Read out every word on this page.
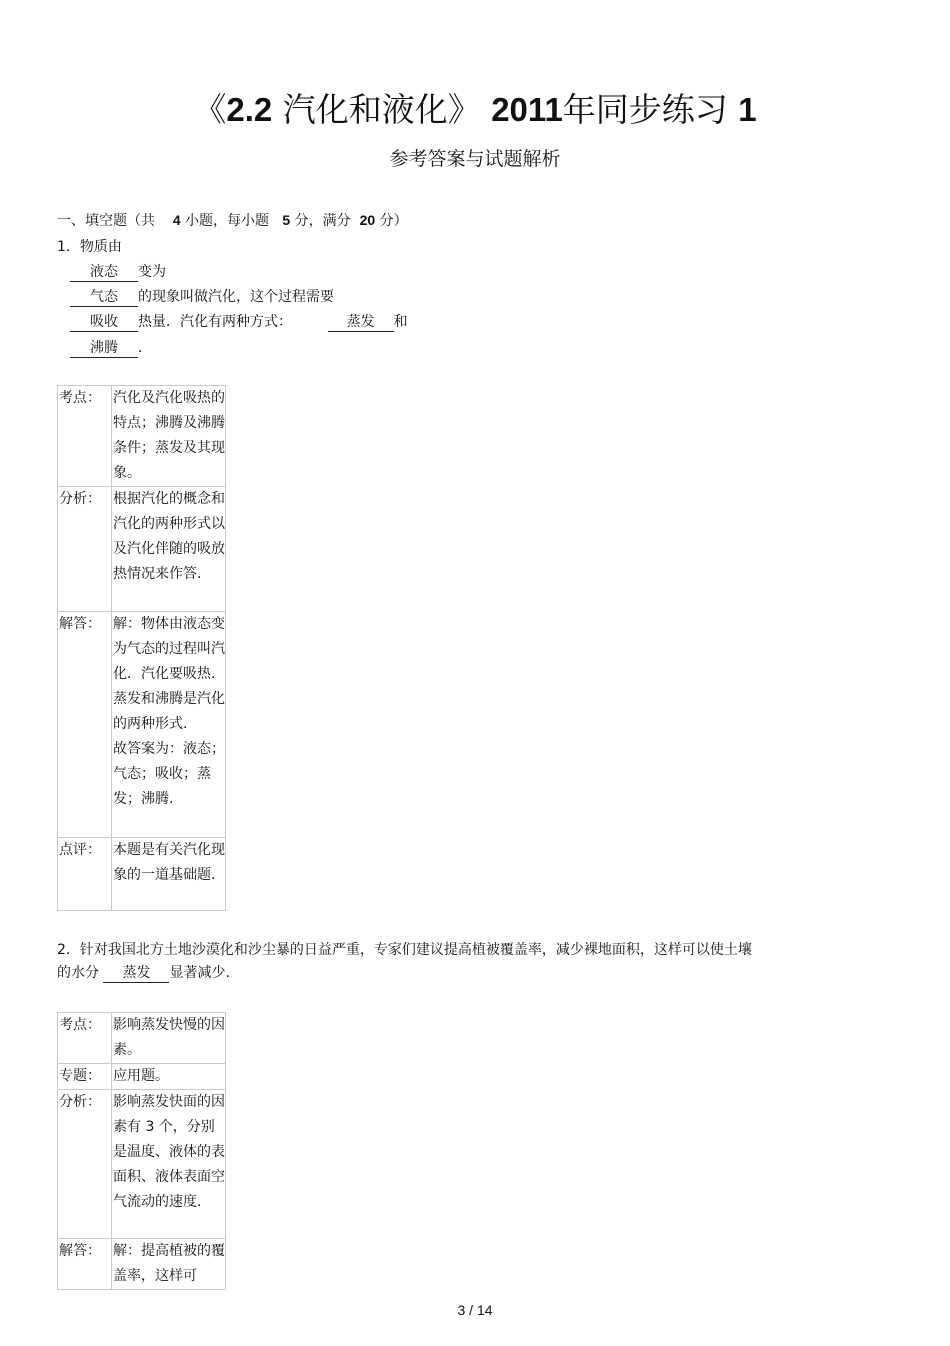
《2.2 汽化和液化》 2011年同步练习 1

参考答案与试题解析

一、填空题（共 4 小题，每小题 5 分，满分 20 分）
1．物质由
液态 变为
气态 的现象叫做汽化，这个过程需要
吸收 热量．汽化有两种方式：	蒸发 和
沸腾 ．
考点：	汽化及汽化吸热的特点；沸腾及沸腾条件；蒸发及其现象。

分析：	根据汽化的概念和汽化的两种形式以及汽化伴随的吸放热情况来作答.

解答：	解：物体由液态变为气态的过程叫汽化．汽化要吸热．蒸发和沸腾是汽化的两种形式.
故答案为：液态；气态；吸收；蒸发；沸腾.

点评：	本题是有关汽化现象的一道基础题.
2．针对我国北方土地沙漠化和沙尘暴的日益严重，专家们建议提高植被覆盖率，减少裸地面积，这样可以使土壤
的水分 蒸发 显著减少.
考点：	影响蒸发快慢的因素。

专题：	应用题。

分析：	影响蒸发快面的因素有 3 个，分别是温度、液体的表面积、液体表面空气流动的速度.

解答：	解：提高植被的覆盖率，这样可
3 / 14
